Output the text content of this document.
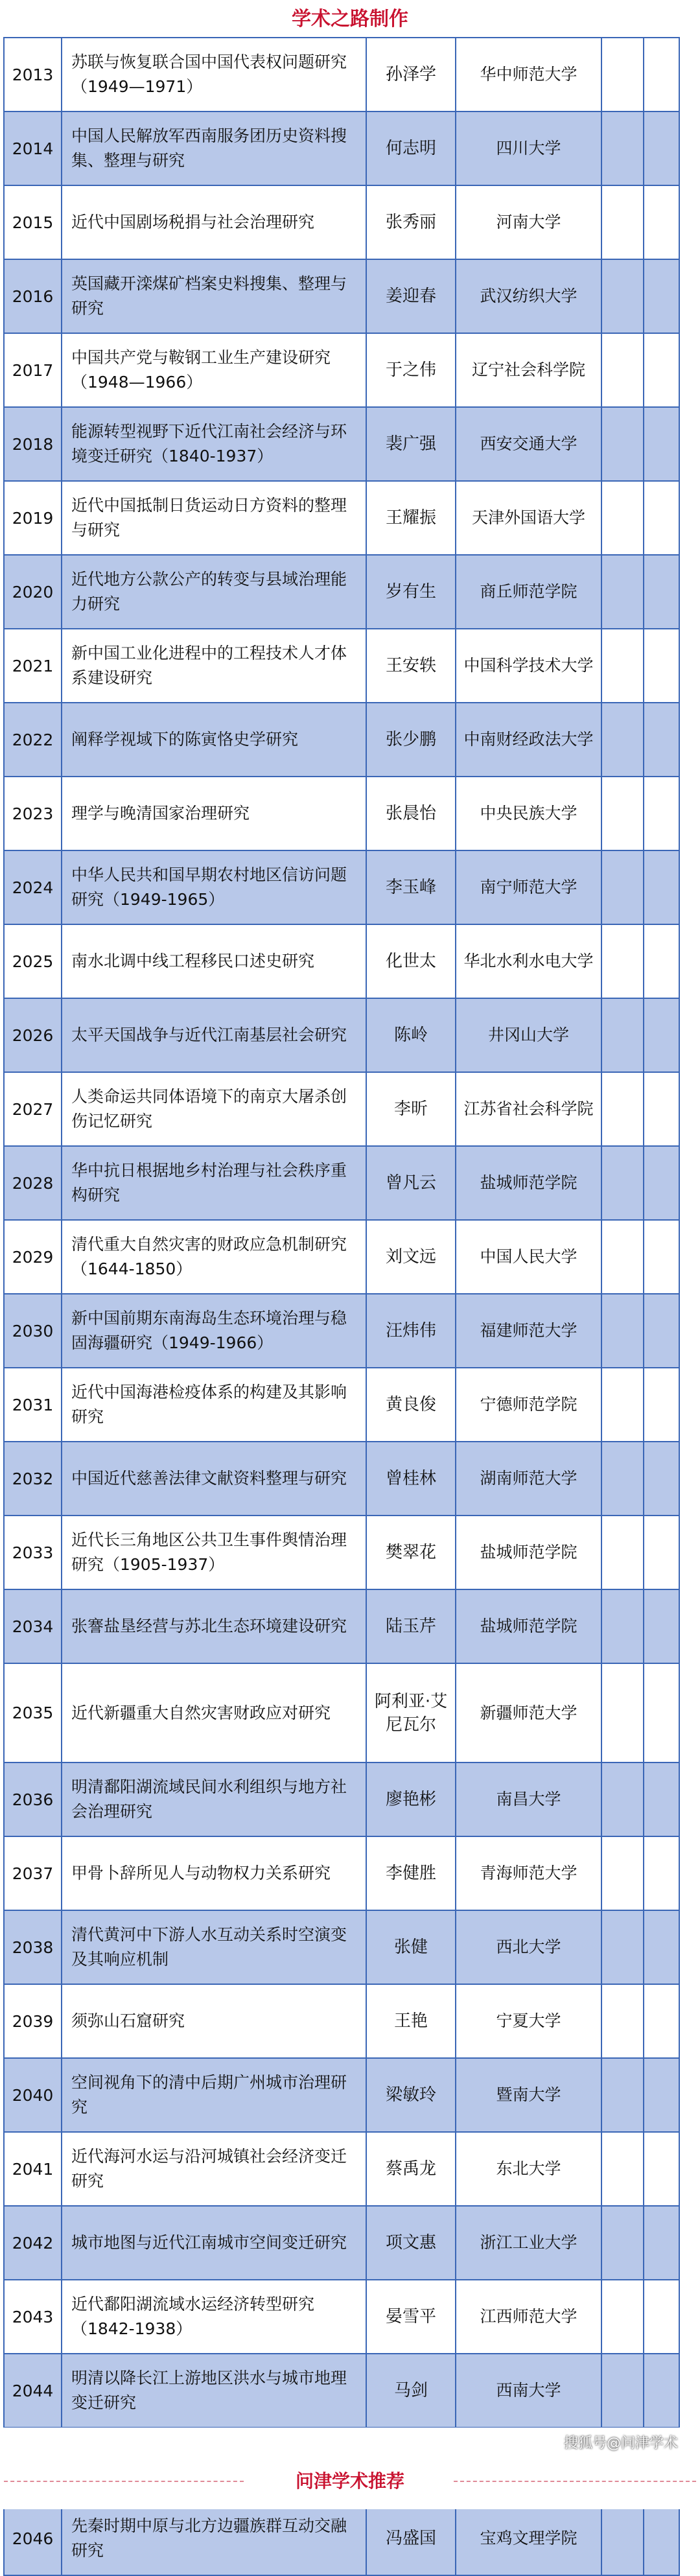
学术之路制作
2013	苏联与恢复联合国中国代表权问题研究（1949—1971）	孙泽学	华中师范大学		
2014	中国人民解放军西南服务团历史资料搜集、整理与研究	何志明	四川大学		
2015	近代中国剧场税捐与社会治理研究	张秀丽	河南大学		
2016	英国藏开滦煤矿档案史料搜集、整理与研究	姜迎春	武汉纺织大学		
2017	中国共产党与鞍钢工业生产建设研究（1948—1966）	于之伟	辽宁社会科学院		
2018	能源转型视野下近代江南社会经济与环境变迁研究（1840-1937）	裴广强	西安交通大学		
2019	近代中国抵制日货运动日方资料的整理与研究	王耀振	天津外国语大学		
2020	近代地方公款公产的转变与县域治理能力研究	岁有生	商丘师范学院		
2021	新中国工业化进程中的工程技术人才体系建设研究	王安轶	中国科学技术大学		
2022	阐释学视域下的陈寅恪史学研究	张少鹏	中南财经政法大学		
2023	理学与晚清国家治理研究	张晨怡	中央民族大学		
2024	中华人民共和国早期农村地区信访问题研究（1949-1965）	李玉峰	南宁师范大学		
2025	南水北调中线工程移民口述史研究	化世太	华北水利水电大学		
2026	太平天国战争与近代江南基层社会研究	陈岭	井冈山大学		
2027	人类命运共同体语境下的南京大屠杀创伤记忆研究	李昕	江苏省社会科学院		
2028	华中抗日根据地乡村治理与社会秩序重构研究	曾凡云	盐城师范学院		
2029	清代重大自然灾害的财政应急机制研究（1644-1850）	刘文远	中国人民大学		
2030	新中国前期东南海岛生态环境治理与稳固海疆研究（1949-1966）	汪炜伟	福建师范大学		
2031	近代中国海港检疫体系的构建及其影响研究	黄良俊	宁德师范学院		
2032	中国近代慈善法律文献资料整理与研究	曾桂林	湖南师范大学		
2033	近代长三角地区公共卫生事件舆情治理研究（1905-1937）	樊翠花	盐城师范学院		
2034	张謇盐垦经营与苏北生态环境建设研究	陆玉芹	盐城师范学院		
2035	近代新疆重大自然灾害财政应对研究	阿利亚·艾尼瓦尔	新疆师范大学		
2036	明清鄱阳湖流域民间水利组织与地方社会治理研究	廖艳彬	南昌大学		
2037	甲骨卜辞所见人与动物权力关系研究	李健胜	青海师范大学		
2038	清代黄河中下游人水互动关系时空演变及其响应机制	张健	西北大学		
2039	须弥山石窟研究	王艳	宁夏大学		
2040	空间视角下的清中后期广州城市治理研究	梁敏玲	暨南大学		
2041	近代海河水运与沿河城镇社会经济变迁研究	蔡禹龙	东北大学		
2042	城市地图与近代江南城市空间变迁研究	项文惠	浙江工业大学		
2043	近代鄱阳湖流域水运经济转型研究（1842-1938）	晏雪平	江西师范大学		
2044	明清以降长江上游地区洪水与城市地理变迁研究	马剑	西南大学		

2046	先秦时期中原与北方边疆族群互动交融研究	冯盛国	宝鸡文理学院		
搜狐号@问津学术
问津学术推荐
